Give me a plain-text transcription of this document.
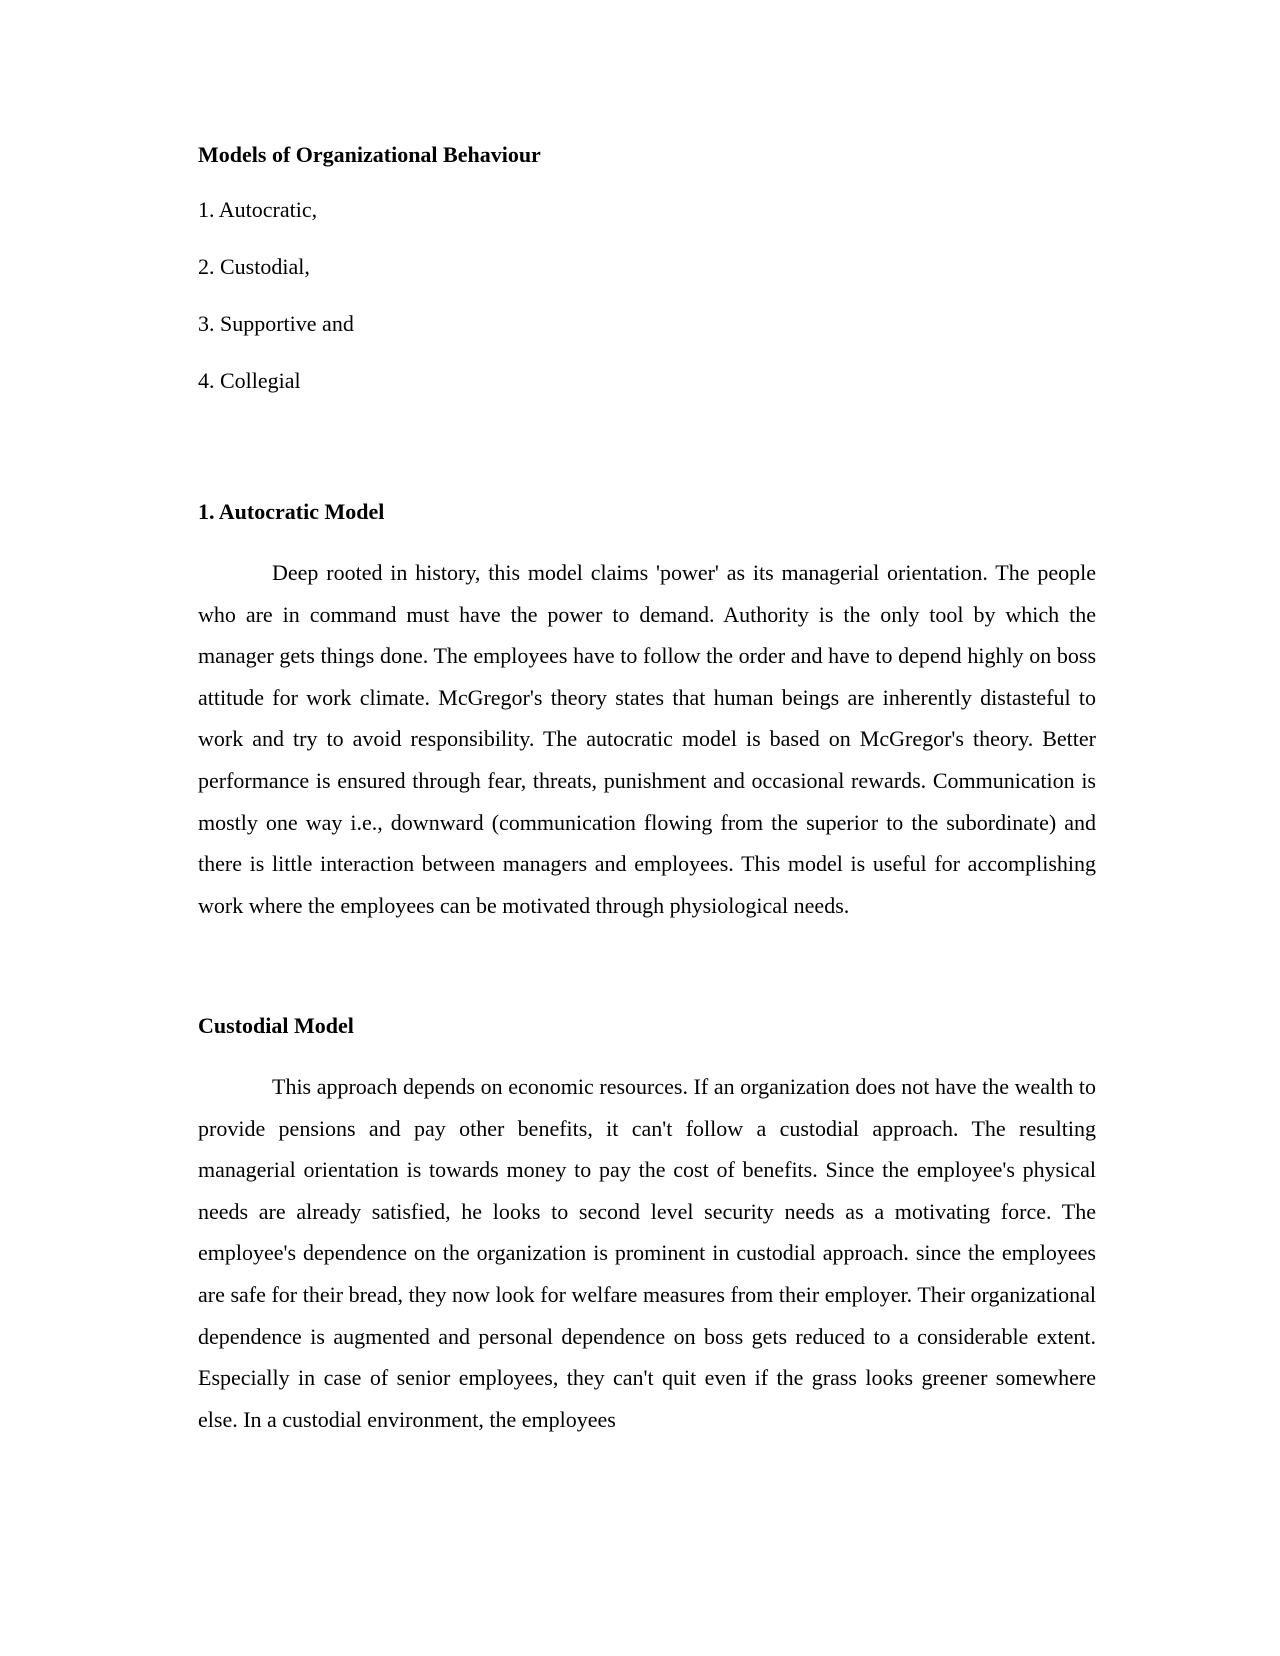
Models of Organizational Behaviour
1. Autocratic,
2. Custodial,
3. Supportive and
4. Collegial
1. Autocratic Model

Deep rooted in history, this model claims 'power' as its managerial orientation. The people who are in command must have the power to demand. Authority is the only tool by which the manager gets things done. The employees have to follow the order and have to depend highly on boss attitude for work climate. McGregor's theory states that human beings are inherently distasteful to work and try to avoid responsibility. The autocratic model is based on McGregor's theory. Better performance is ensured through fear, threats, punishment and occasional rewards. Communication is mostly one way i.e., downward (communication flowing from the superior to the subordinate) and there is little interaction between managers and employees. This model is useful for accomplishing work where the employees can be motivated through physiological needs.

Custodial Model

This approach depends on economic resources. If an organization does not have the wealth to provide pensions and pay other benefits, it can't follow a custodial approach. The resulting managerial orientation is towards money to pay the cost of benefits. Since the employee's physical needs are already satisfied, he looks to second level security needs as a motivating force. The employee's dependence on the organization is prominent in custodial approach. since the employees are safe for their bread, they now look for welfare measures from their employer. Their organizational dependence is augmented and personal dependence on boss gets reduced to a considerable extent. Especially in case of senior employees, they can't quit even if the grass looks greener somewhere else. In a custodial environment, the employees
